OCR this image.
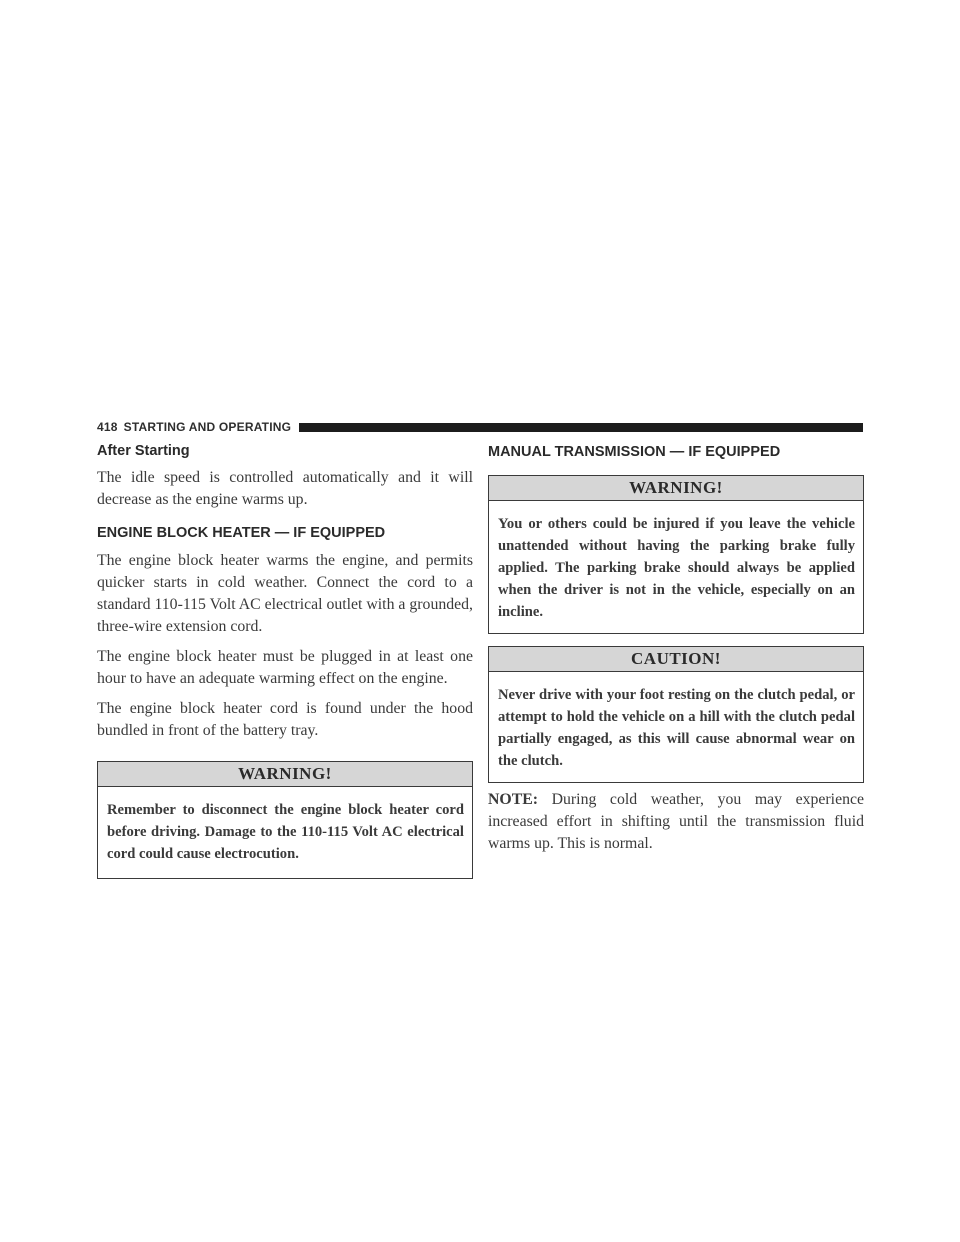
418 STARTING AND OPERATING
After Starting

The idle speed is controlled automatically and it will decrease as the engine warms up.

ENGINE BLOCK HEATER — IF EQUIPPED

The engine block heater warms the engine, and permits quicker starts in cold weather. Connect the cord to a standard 110-115 Volt AC electrical outlet with a grounded, three-wire extension cord.

The engine block heater must be plugged in at least one hour to have an adequate warming effect on the engine.

The engine block heater cord is found under the hood bundled in front of the battery tray.

WARNING!
Remember to disconnect the engine block heater cord before driving. Damage to the 110-115 Volt AC electrical cord could cause electrocution.
MANUAL TRANSMISSION — IF EQUIPPED
WARNING!
You or others could be injured if you leave the vehicle unattended without having the parking brake fully applied. The parking brake should always be applied when the driver is not in the vehicle, especially on an incline.
CAUTION!
Never drive with your foot resting on the clutch pedal, or attempt to hold the vehicle on a hill with the clutch pedal partially engaged, as this will cause abnormal wear on the clutch.

NOTE: During cold weather, you may experience increased effort in shifting until the transmission fluid warms up. This is normal.
